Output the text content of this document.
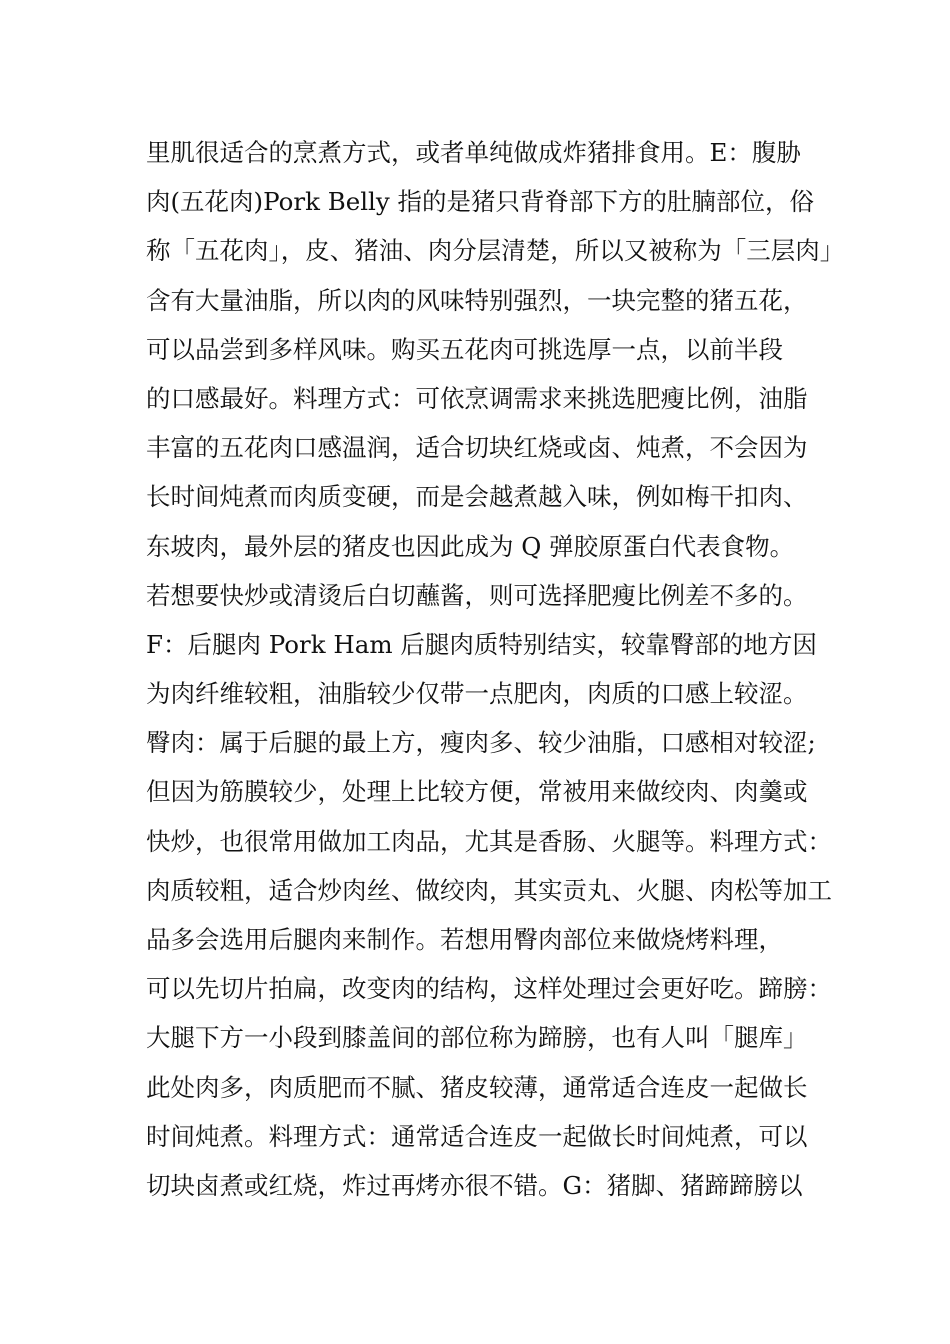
里肌很适合的烹煮方式，或者单纯做成炸猪排食用。E：腹胁
肉(五花肉)Pork Belly 指的是猪只背脊部下方的肚腩部位，俗
称「五花肉」，皮、猪油、肉分层清楚，所以又被称为「三层肉」
含有大量油脂，所以肉的风味特别强烈，一块完整的猪五花，
可以品尝到多样风味。购买五花肉可挑选厚一点，以前半段
的口感最好。料理方式：可依烹调需求来挑选肥瘦比例，油脂
丰富的五花肉口感温润，适合切块红烧或卤、炖煮，不会因为
长时间炖煮而肉质变硬，而是会越煮越入味，例如梅干扣肉、
东坡肉，最外层的猪皮也因此成为 Q 弹胶原蛋白代表食物。
若想要快炒或清烫后白切蘸酱，则可选择肥瘦比例差不多的。
F：后腿肉 Pork Ham 后腿肉质特别结实，较靠臀部的地方因
为肉纤维较粗，油脂较少仅带一点肥肉，肉质的口感上较涩。
臀肉：属于后腿的最上方，瘦肉多、较少油脂，口感相对较涩;
但因为筋膜较少，处理上比较方便，常被用来做绞肉、肉羹或
快炒，也很常用做加工肉品，尤其是香肠、火腿等。料理方式：
肉质较粗，适合炒肉丝、做绞肉，其实贡丸、火腿、肉松等加工
品多会选用后腿肉来制作。若想用臀肉部位来做烧烤料理，
可以先切片拍扁，改变肉的结构，这样处理过会更好吃。蹄膀：
大腿下方一小段到膝盖间的部位称为蹄膀，也有人叫「腿库」
此处肉多，肉质肥而不腻、猪皮较薄，通常适合连皮一起做长
时间炖煮。料理方式：通常适合连皮一起做长时间炖煮，可以
切块卤煮或红烧，炸过再烤亦很不错。G：猪脚、猪蹄蹄膀以
